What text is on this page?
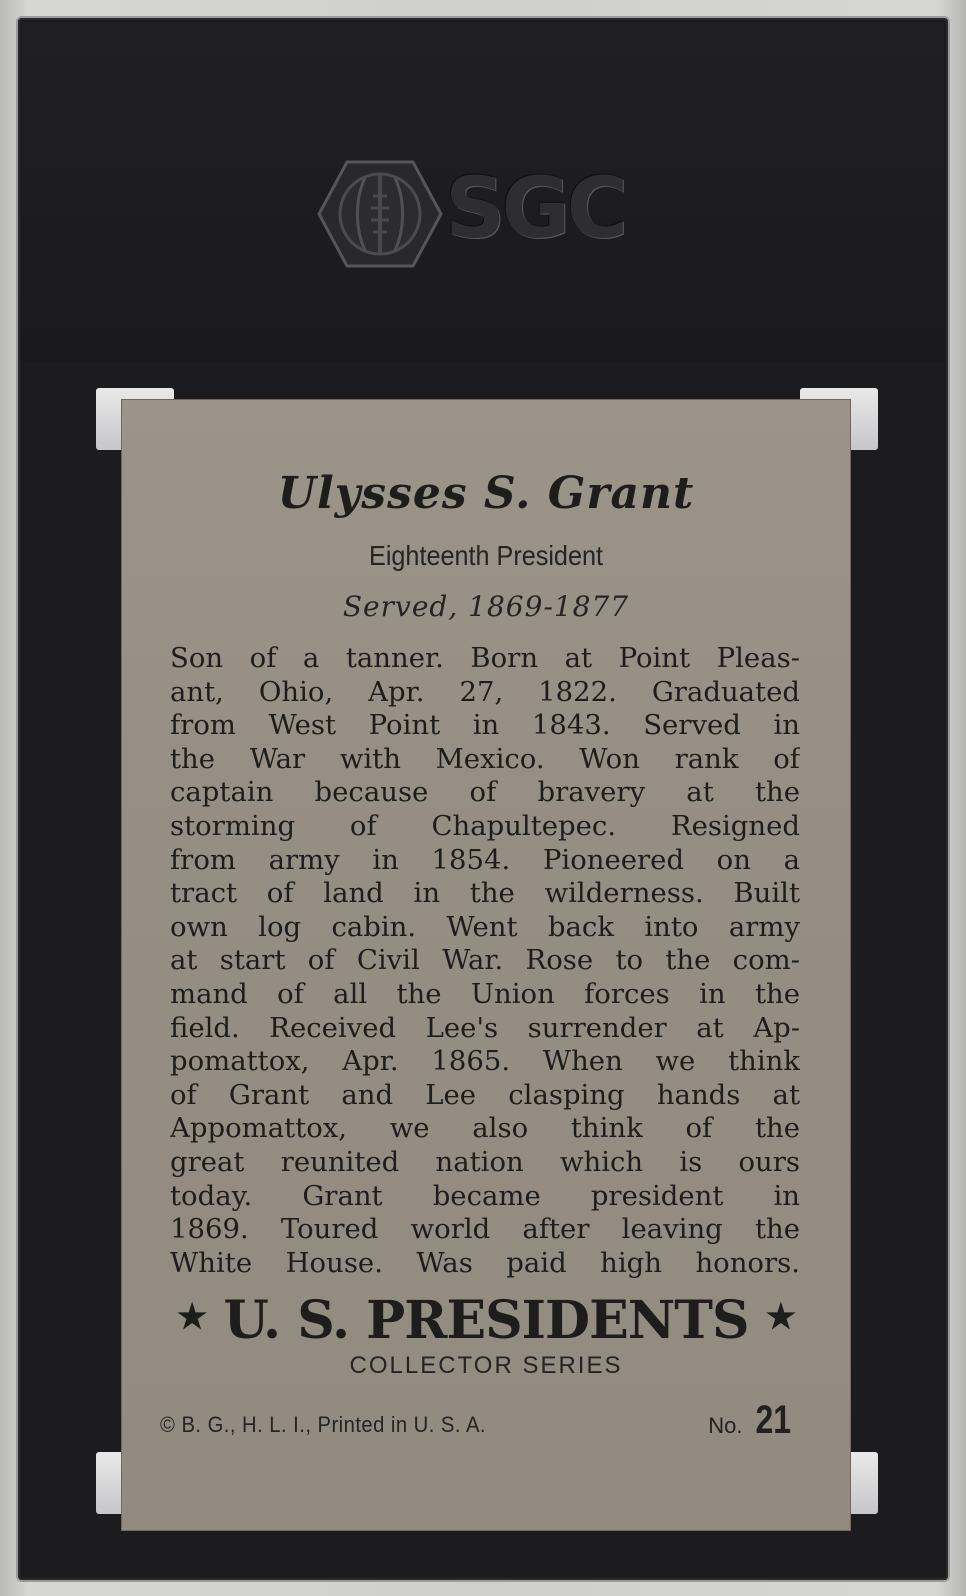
SGC
Ulysses S. Grant
Eighteenth President
Served, 1869-1877
Son of a tanner. Born at Point Pleas-
ant, Ohio, Apr. 27, 1822. Graduated
from West Point in 1843. Served in
the War with Mexico. Won rank of
captain because of bravery at the
storming of Chapultepec. Resigned
from army in 1854. Pioneered on a
tract of land in the wilderness. Built
own log cabin. Went back into army
at start of Civil War. Rose to the com-
mand of all the Union forces in the
field. Received Lee's surrender at Ap-
pomattox, Apr. 1865. When we think
of Grant and Lee clasping hands at
Appomattox, we also think of the
great reunited nation which is ours
today. Grant became president in
1869. Toured world after leaving the
White House. Was paid high honors.
★ U. S. PRESIDENTS ★
COLLECTOR SERIES
© B. G., H. L. I., Printed in U. S. A.	No. 21
